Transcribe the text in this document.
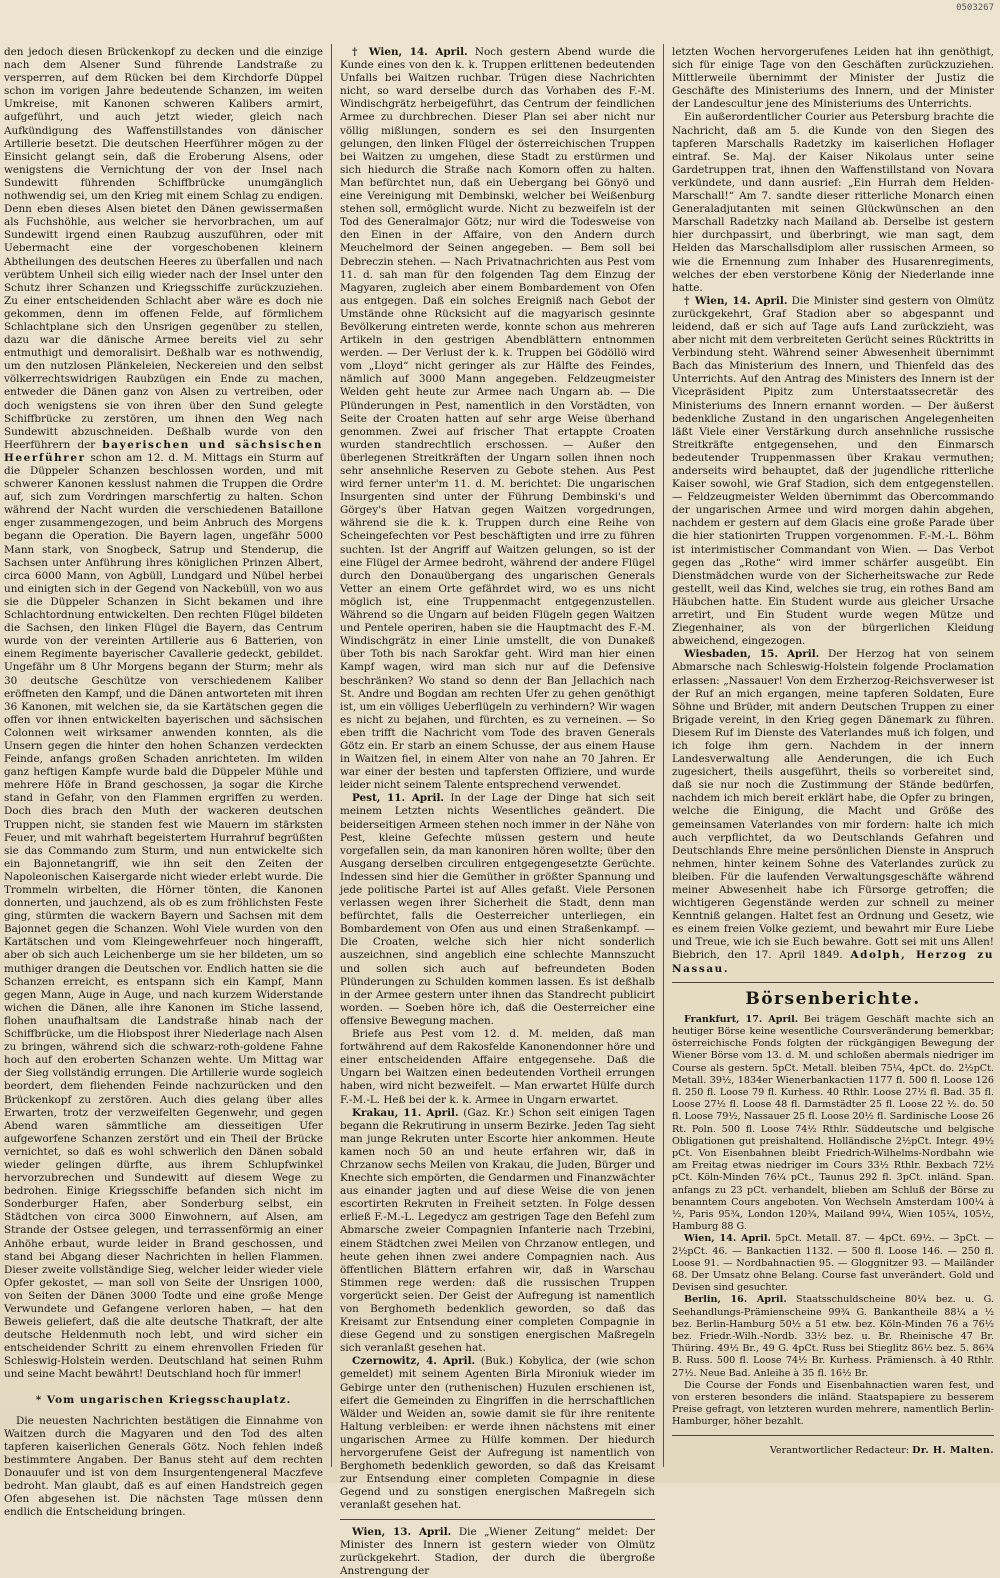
0503267

den jedoch diesen Brückenkopf zu decken und die einzige nach dem Alsener Sund führende Landstraße zu versperren, auf dem Rücken bei dem Kirchdorfe Düppel schon im vorigen Jahre bedeutende Schanzen, im weiten Umkreise, mit Kanonen schweren Kalibers armirt, aufgeführt, und auch jetzt wieder, gleich nach Aufkündigung des Waffenstillstandes von dänischer Artillerie besetzt. Die deutschen Heerführer mögen zu der Einsicht gelangt sein, daß die Eroberung Alsens, oder wenigstens die Vernichtung der von der Insel nach Sundewitt führenden Schiffbrücke unumgänglich nothwendig sei, um den Krieg mit einem Schlag zu endigen. Denn eben dieses Alsen bietet den Dänen gewissermaßen als Fuchshöhle, aus welcher sie hervorbrachen, um auf Sundewitt irgend einen Raubzug auszuführen, oder mit Uebermacht eine der vorgeschobenen kleinern Abtheilungen des deutschen Heeres zu überfallen und nach verübtem Unheil sich eilig wieder nach der Insel unter den Schutz ihrer Schanzen und Kriegsschiffe zurückzuziehen. Zu einer entscheidenden Schlacht aber wäre es doch nie gekommen, denn im offenen Felde, auf förmlichem Schlachtplane sich den Unsrigen gegenüber zu stellen, dazu war die dänische Armee bereits viel zu sehr entmuthigt und demoralisirt. Deßhalb war es nothwendig, um den nutzlosen Plänkeleien, Neckereien und den selbst völkerrechtswidrigen Raubzügen ein Ende zu machen, entweder die Dänen ganz von Alsen zu vertreiben, oder doch wenigstens sie von ihren über den Sund gelegte Schiffbrücke zu zerstören, um ihnen den Weg nach Sundewitt abzuschneiden. Deßhalb wurde von den Heerführern der bayerischen und sächsischen Heerführer schon am 12. d. M. Mittags ein Sturm auf die Düppeler Schanzen beschlossen worden, und mit schwerer Kanonen kesslust nahmen die Truppen die Ordre auf, sich zum Vordringen marschfertig zu halten. Schon während der Nacht wurden die verschiedenen Bataillone enger zusammengezogen, und beim Anbruch des Morgens begann die Operation. Die Bayern lagen, ungefähr 5000 Mann stark, von Snogbeck, Satrup und Stenderup, die Sachsen unter Anführung ihres königlichen Prinzen Albert, circa 6000 Mann, von Agbüll, Lundgard und Nübel herbei und einigten sich in der Gegend von Nackebüll, von wo aus sie die Düppeler Schanzen in Sicht bekamen und ihre Schlachtordnung entwickelten. Den rechten Flügel bildeten die Sachsen, den linken Flügel die Bayern, das Centrum wurde von der vereinten Artillerie aus 6 Batterien, von einem Regimente bayerischer Cavallerie gedeckt, gebildet. Ungefähr um 8 Uhr Morgens begann der Sturm; mehr als 30 deutsche Geschütze von verschiedenem Kaliber eröffneten den Kampf, und die Dänen antworteten mit ihren 36 Kanonen, mit welchen sie, da sie Kartätschen gegen die offen vor ihnen entwickelten bayerischen und sächsischen Colonnen weit wirksamer anwenden konnten, als die Unsern gegen die hinter den hohen Schanzen verdeckten Feinde, anfangs großen Schaden anrichteten. Im wilden ganz heftigen Kampfe wurde bald die Düppeler Mühle und mehrere Höfe in Brand geschossen, ja sogar die Kirche stand in Gefahr, von den Flammen ergriffen zu werden. Doch dies brach den Muth der wackeren deutschen Truppen nicht, sie standen fest wie Mauern im stärksten Feuer, und mit wahrhaft begeistertem Hurrahruf begrüßten sie das Commando zum Sturm, und nun entwickelte sich ein Bajonnetangriff, wie ihn seit den Zeiten der Napoleonischen Kaisergarde nicht wieder erlebt wurde. Die Trommeln wirbelten, die Hörner tönten, die Kanonen donnerten, und jauchzend, als ob es zum fröhlichsten Feste ging, stürmten die wackern Bayern und Sachsen mit dem Bajonnet gegen die Schanzen. Wohl Viele wurden von den Kartätschen und vom Kleingewehrfeuer noch hingerafft, aber ob sich auch Leichenberge um sie her bildeten, um so muthiger drangen die Deutschen vor. Endlich hatten sie die Schanzen erreicht, es entspann sich ein Kampf, Mann gegen Mann, Auge in Auge, und nach kurzem Widerstande wichen die Dänen, alle ihre Kanonen im Stiche lassend, flohen unaufhaltsam die Landstraße hinab nach der Schiffbrücke, um die Hiobspost ihrer Niederlage nach Alsen zu bringen, während sich die schwarz-roth-goldene Fahne hoch auf den eroberten Schanzen wehte. Um Mittag war der Sieg vollständig errungen. Die Artillerie wurde sogleich beordert, dem fliehenden Feinde nachzurücken und den Brückenkopf zu zerstören. Auch dies gelang über alles Erwarten, trotz der verzweifelten Gegenwehr, und gegen Abend waren sämmtliche am diesseitigen Ufer aufgeworfene Schanzen zerstört und ein Theil der Brücke vernichtet, so daß es wohl schwerlich den Dänen sobald wieder gelingen dürfte, aus ihrem Schlupfwinkel hervorzubrechen und Sundewitt auf diesem Wege zu bedrohen. Einige Kriegsschiffe befanden sich nicht im Sonderburger Hafen, aber Sonderburg selbst, ein Städtchen von circa 3000 Einwohnern, auf Alsen, am Strande der Ostsee gelegen, und terrassenförmig an einer Anhöhe erbaut, wurde leider in Brand geschossen, und stand bei Abgang dieser Nachrichten in hellen Flammen. Dieser zweite vollständige Sieg, welcher leider wieder viele Opfer gekostet, — man soll von Seite der Unsrigen 1000, von Seiten der Dänen 3000 Todte und eine große Menge Verwundete und Gefangene verloren haben, — hat den Beweis geliefert, daß die alte deutsche Thatkraft, der alte deutsche Heldenmuth noch lebt, und wird sicher ein entscheidender Schritt zu einem ehrenvollen Frieden für Schleswig-Holstein werden. Deutschland hat seinen Ruhm und seine Macht bewährt! Deutschland hoch für immer!

* Vom ungarischen Kriegsschauplatz.

Die neuesten Nachrichten bestätigen die Einnahme von Waitzen durch die Magyaren und den Tod des alten tapferen kaiserlichen Generals Götz. Noch fehlen indeß bestimmtere Angaben. Der Banus steht auf dem rechten Donauufer und ist von dem Insurgentengeneral Maczfeve bedroht. Man glaubt, daß es auf einen Handstreich gegen Ofen abgesehen ist. Die nächsten Tage müssen denn endlich die Entscheidung bringen.

† Wien, 14. April. Noch gestern Abend wurde die Kunde eines von den k. k. Truppen erlittenen bedeutenden Unfalls bei Waitzen ruchbar. Trügen diese Nachrichten nicht, so ward derselbe durch das Vorhaben des F.-M. Windischgrätz herbeigeführt, das Centrum der feindlichen Armee zu durchbrechen. Dieser Plan sei aber nicht nur völlig mißlungen, sondern es sei den Insurgenten gelungen, den linken Flügel der österreichischen Truppen bei Waitzen zu umgehen, diese Stadt zu erstürmen und sich hiedurch die Straße nach Komorn offen zu halten. Man befürchtet nun, daß ein Uebergang bei Gönyö und eine Vereinigung mit Dembinski, welcher bei Weißenburg stehen soll, ermöglicht wurde. Nicht zu bezweifeln ist der Tod des Generalmajor Götz; nur wird die Todesweise von den Einen in der Affaire, von den Andern durch Meuchelmord der Seinen angegeben. — Bem soll bei Debreczin stehen. — Nach Privatnachrichten aus Pest vom 11. d. sah man für den folgenden Tag dem Einzug der Magyaren, zugleich aber einem Bombardement von Ofen aus entgegen. Daß ein solches Ereigniß nach Gebot der Umstände ohne Rücksicht auf die magyarisch gesinnte Bevölkerung eintreten werde, konnte schon aus mehreren Artikeln in den gestrigen Abendblättern entnommen werden. — Der Verlust der k. k. Truppen bei Gödöllö wird vom „Lloyd“ nicht geringer als zur Hälfte des Feindes, nämlich auf 3000 Mann angegeben. Feldzeugmeister Welden geht heute zur Armee nach Ungarn ab. — Die Plünderungen in Pest, namentlich in den Vorstädten, von Seite der Croaten hatten auf sehr arge Weise überhand genommen. Zwei auf frischer That ertappte Croaten wurden standrechtlich erschossen. — Außer den überlegenen Streitkräften der Ungarn sollen ihnen noch sehr ansehnliche Reserven zu Gebote stehen. Aus Pest wird ferner unter'm 11. d. M. berichtet: Die ungarischen Insurgenten sind unter der Führung Dembinski's und Görgey's über Hatvan gegen Waitzen vorgedrungen, während sie die k. k. Truppen durch eine Reihe von Scheingefechten vor Pest beschäftigten und irre zu führen suchten. Ist der Angriff auf Waitzen gelungen, so ist der eine Flügel der Armee bedroht, während der andere Flügel durch den Donauübergang des ungarischen Generals Vetter an einem Orte gefährdet wird, wo es uns nicht möglich ist, eine Truppenmacht entgegenzustellen. Während so die Ungarn auf beiden Flügeln gegen Waitzen und Pentele operiren, haben sie die Hauptmacht des F.-M. Windischgrätz in einer Linie umstellt, die von Dunakeß über Toth bis nach Sarokfar geht. Wird man hier einen Kampf wagen, wird man sich nur auf die Defensive beschränken? Wo stand so denn der Ban Jellachich nach St. Andre und Bogdan am rechten Ufer zu gehen genöthigt ist, um ein völliges Ueberflügeln zu verhindern? Wir wagen es nicht zu bejahen, und fürchten, es zu verneinen. — So eben trifft die Nachricht vom Tode des braven Generals Götz ein. Er starb an einem Schusse, der aus einem Hause in Waitzen fiel, in einem Alter von nahe an 70 Jahren. Er war einer der besten und tapfersten Offiziere, und wurde leider nicht seinem Talente entsprechend verwendet.

Pest, 11. April. In der Lage der Dinge hat sich seit meinem Letzten nichts Wesentliches geändert. Die beiderseitigen Armeen stehen noch immer in der Nähe von Pest, kleine Gefechte müssen gestern und heute vorgefallen sein, da man kanoniren hören wollte; über den Ausgang derselben circuliren entgegengesetzte Gerüchte. Indessen sind hier die Gemüther in größter Spannung und jede politische Partei ist auf Alles gefaßt. Viele Personen verlassen wegen ihrer Sicherheit die Stadt, denn man befürchtet, falls die Oesterreicher unterliegen, ein Bombardement von Ofen aus und einen Straßenkampf. — Die Croaten, welche sich hier nicht sonderlich auszeichnen, sind angeblich eine schlechte Mannszucht und sollen sich auch auf befreundeten Boden Plünderungen zu Schulden kommen lassen. Es ist deßhalb in der Armee gestern unter ihnen das Standrecht publicirt worden. — Soeben höre ich, daß die Oesterreicher eine offensive Bewegung machen.

Briefe aus Pest vom 12. d. M. melden, daß man fortwährend auf dem Rakosfelde Kanonendonner höre und einer entscheidenden Affaire entgegensehe. Daß die Ungarn bei Waitzen einen bedeutenden Vortheil errungen haben, wird nicht bezweifelt. — Man erwartet Hülfe durch F.-M.-L. Heß bei der k. k. Armee in Ungarn erwartet.

Krakau, 11. April. (Gaz. Kr.) Schon seit einigen Tagen begann die Rekrutirung in unserm Bezirke. Jeden Tag sieht man junge Rekruten unter Escorte hier ankommen. Heute kamen noch 50 an und heute erfahren wir, daß in Chrzanow sechs Meilen von Krakau, die Juden, Bürger und Knechte sich empörten, die Gendarmen und Finanzwächter aus einander jagten und auf diese Weise die von jenen escortirten Rekruten in Freiheit setzten. In Folge dessen erließ F.-M.-L. Legedycz am gestrigen Tage den Befehl zum Abmarsche zweier Compagnien Infanterie nach Trzebini, einem Städtchen zwei Meilen von Chrzanow entlegen, und heute gehen ihnen zwei andere Compagnien nach. Aus öffentlichen Blättern erfahren wir, daß in Warschau Stimmen rege werden: daß die russischen Truppen vorgerückt seien. Der Geist der Aufregung ist namentlich von Berghometh bedenklich geworden, so daß das Kreisamt zur Entsendung einer completen Compagnie in diese Gegend und zu sonstigen energischen Maßregeln sich veranlaßt gesehen hat.

Czernowitz, 4. April. (Buk.) Kobylica, der (wie schon gemeldet) mit seinem Agenten Birla Mironiuk wieder im Gebirge unter den (ruthenischen) Huzulen erschienen ist, eifert die Gemeinden zu Eingriffen in die herrschaftlichen Wälder und Weiden an, sowie damit sie für ihre renitente Haltung verbleiben: er werde ihnen nächstens mit einer ungarischen Armee zu Hülfe kommen. Der hiedurch hervorgerufene Geist der Aufregung ist namentlich von Berghometh bedenklich geworden, so daß das Kreisamt zur Entsendung einer completen Compagnie in diese Gegend und zu sonstigen energischen Maßregeln sich veranlaßt gesehen hat.

Wien, 13. April. Die „Wiener Zeitung“ meldet: Der Minister des Innern ist gestern wieder von Olmütz zurückgekehrt. Stadion, der durch die übergroße Anstrengung der

letzten Wochen hervorgerufenes Leiden hat ihn genöthigt, sich für einige Tage von den Geschäften zurückzuziehen. Mittlerweile übernimmt der Minister der Justiz die Geschäfte des Ministeriums des Innern, und der Minister der Landescultur jene des Ministeriums des Unterrichts.

Ein außerordentlicher Courier aus Petersburg brachte die Nachricht, daß am 5. die Kunde von den Siegen des tapferen Marschalls Radetzky im kaiserlichen Hoflager eintraf. Se. Maj. der Kaiser Nikolaus unter seine Gardetruppen trat, ihnen den Waffenstillstand von Novara verkündete, und dann ausrief: „Ein Hurrah dem Helden-Marschall!“ Am 7. sandte dieser ritterliche Monarch einen Generaladjutanten mit seinen Glückwünschen an den Marschall Radetzky nach Mailand ab. Derselbe ist gestern hier durchpassirt, und überbringt, wie man sagt, dem Helden das Marschallsdiplom aller russischen Armeen, so wie die Ernennung zum Inhaber des Husarenregiments, welches der eben verstorbene König der Niederlande inne hatte.

† Wien, 14. April. Die Minister sind gestern von Olmütz zurückgekehrt, Graf Stadion aber so abgespannt und leidend, daß er sich auf Tage aufs Land zurückzieht, was aber nicht mit dem verbreiteten Gerücht seines Rücktritts in Verbindung steht. Während seiner Abwesenheit übernimmt Bach das Ministerium des Innern, und Thienfeld das des Unterrichts. Auf den Antrag des Ministers des Innern ist der Vicepräsident Pipitz zum Unterstaatssecretär des Ministeriums des Innern ernannt worden. — Der äußerst bedenkliche Zustand in den ungarischen Angelegenheiten läßt Viele einer Verstärkung durch ansehnliche russische Streitkräfte entgegensehen, und den Einmarsch bedeutender Truppenmassen über Krakau vermuthen; anderseits wird behauptet, daß der jugendliche ritterliche Kaiser sowohl, wie Graf Stadion, sich dem entgegenstellen. — Feldzeugmeister Welden übernimmt das Obercommando der ungarischen Armee und wird morgen dahin abgehen, nachdem er gestern auf dem Glacis eine große Parade über die hier stationirten Truppen vorgenommen. F.-M.-L. Böhm ist interimistischer Commandant von Wien. — Das Verbot gegen das „Rothe“ wird immer schärfer ausgeübt. Ein Dienstmädchen wurde von der Sicherheitswache zur Rede gestellt, weil das Kind, welches sie trug, ein rothes Band am Häubchen hatte. Ein Student wurde aus gleicher Ursache arretirt, und Ein Student wurde wegen Mütze und Ziegenhainer, als von der bürgerlichen Kleidung abweichend, eingezogen.

Wiesbaden, 15. April. Der Herzog hat von seinem Abmarsche nach Schleswig-Holstein folgende Proclamation erlassen: „Nassauer! Von dem Erzherzog-Reichsverweser ist der Ruf an mich ergangen, meine tapferen Soldaten, Eure Söhne und Brüder, mit andern Deutschen Truppen zu einer Brigade vereint, in den Krieg gegen Dänemark zu führen. Diesem Ruf im Dienste des Vaterlandes muß ich folgen, und ich folge ihm gern. Nachdem in der innern Landesverwaltung alle Aenderungen, die ich Euch zugesichert, theils ausgeführt, theils so vorbereitet sind, daß sie nur noch die Zustimmung der Stände bedürfen, nachdem ich mich bereit erklärt habe, die Opfer zu bringen, welche die Einigung, die Macht und Größe des gemeinsamen Vaterlandes von mir fordern: halte ich mich auch verpflichtet, da wo Deutschlands Gefahren und Deutschlands Ehre meine persönlichen Dienste in Anspruch nehmen, hinter keinem Sohne des Vaterlandes zurück zu bleiben. Für die laufenden Verwaltungsgeschäfte während meiner Abwesenheit habe ich Fürsorge getroffen; die wichtigeren Gegenstände werden zur schnell zu meiner Kenntniß gelangen. Haltet fest an Ordnung und Gesetz, wie es einem freien Volke geziemt, und bewahrt mir Eure Liebe und Treue, wie ich sie Euch bewahre. Gott sei mit uns Allen! Biebrich, den 17. April 1849. Adolph, Herzog zu Nassau.

Börsenberichte.

Frankfurt, 17. April. Bei trägem Geschäft machte sich an heutiger Börse keine wesentliche Coursveränderung bemerkbar; österreichische Fonds folgten der rückgängigen Bewegung der Wiener Börse vom 13. d. M. und schloßen abermals niedriger im Course als gestern. 5pCt. Metall. bleiben 75¼, 4pCt. do. 2½pCt. Metall. 39½, 1834er Wienerbankactien 1177 fl. 500 fl. Loose 126 fl. 250 fl. Loose 79 fl. Kurhess. 40 Rthlr. Loose 27½ fl. Bad. 35 fl. Loose 27½ fl. Loose 48 fl. Darmstädter 25 fl. Loose 22 ½. do. 50 fl. Loose 79½, Nassauer 25 fl. Loose 20½ fl. Sardinische Loose 26 Rt. Poln. 500 fl. Loose 74½ Rthlr. Süddeutsche und belgische Obligationen gut preishaltend. Holländische 2½pCt. Integr. 49½ pCt. Von Eisenbahnen bleibt Friedrich-Wilhelms-Nordbahn wie am Freitag etwas niedriger im Cours 33½ Rthlr. Bexbach 72½ pCt. Köln-Minden 76¼ pCt., Taunus 292 fl. 3pCt. inländ. Span. anfangs zu 23 pCt. verhandelt, blieben am Schluß der Börse zu benanntem Cours angeboten. Von Wechseln Amsterdam 100¼ à ½, Paris 95¾, London 120¾, Mailand 99¼, Wien 105¼, 105½, Hamburg 88 G.

Wien, 14. April. 5pCt. Metall. 87. — 4pCt. 69½. — 3pCt. — 2½pCt. 46. — Bankactien 1132. — 500 fl. Loose 146. — 250 fl. Loose 91. — Nordbahnactien 95. — Gloggnitzer 93. — Mailänder 68. Der Umsatz ohne Belang. Course fast unverändert. Gold und Devisen sind gesuchter.

Berlin, 16. April. Staatsschuldscheine 80¼ bez. u. G. Seehandlungs-Prämienscheine 99¾ G. Bankantheile 88¼ a ½ bez. Berlin-Hamburg 50½ a 51 etw. bez. Köln-Minden 76 a 76½ bez. Friedr.-Wilh.-Nordb. 33½ bez. u. Br. Rheinische 47 Br. Thüring. 49½ Br., 49 G. 4pCt. Russ bei Stieglitz 86½ bez. 5. 86¾ B. Russ. 500 fl. Loose 74½ Br. Kurhess. Prämiensch. à 40 Rthlr. 27½. Neue Bad. Anleihe à 35 fl. 16½ Br.

Die Course der Fonds und Eisenbahnactien waren fest, und von ersteren besonders die inländ. Staatspapiere zu besserem Preise gefragt, von letzteren wurden mehrere, namentlich Berlin-Hamburger, höher bezahlt.

Verantwortlicher Redacteur: Dr. H. Malten.
